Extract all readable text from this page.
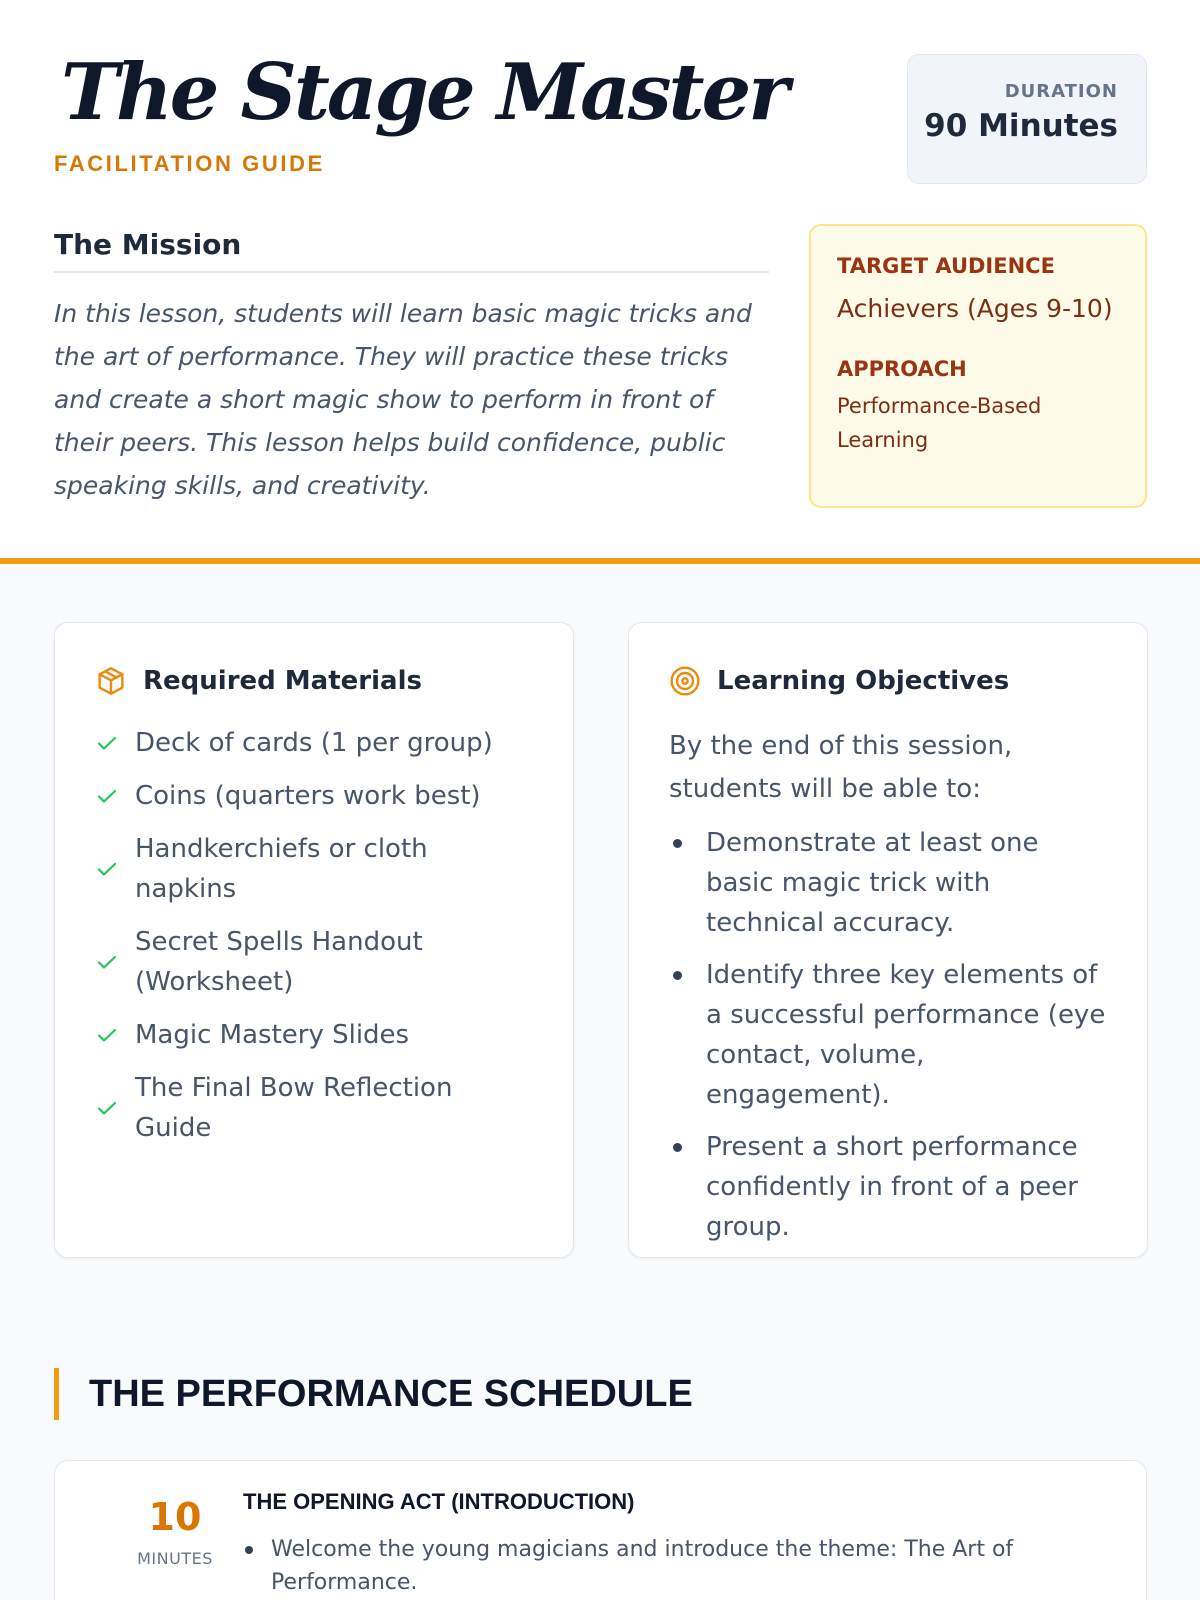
The Stage Master
FACILITATION GUIDE
DURATION
90 Minutes
The Mission

In this lesson, students will learn basic magic tricks and the art of performance. They will practice these tricks and create a short magic show to perform in front of their peers. This lesson helps build confidence, public speaking skills, and creativity.

TARGET AUDIENCE
Achievers (Ages 9-10)
APPROACH
Performance-Based Learning
Required Materials
Deck of cards (1 per group)
Coins (quarters work best)
Handkerchiefs or cloth napkins
Secret Spells Handout (Worksheet)
Magic Mastery Slides
The Final Bow Reflection Guide
Learning Objectives

By the end of this session, students will be able to:

Demonstrate at least one basic magic trick with technical accuracy.
Identify three key elements of a successful performance (eye contact, volume, engagement).
Present a short performance confidently in front of a peer group.
THE PERFORMANCE SCHEDULE
10
MINUTES
THE OPENING ACT (INTRODUCTION)
Welcome the young magicians and introduce the theme: The Art of Performance.
